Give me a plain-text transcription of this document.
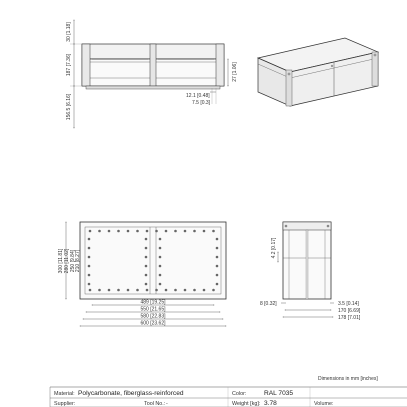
30 [1.18]
187 [7.36]
156.5 [6.16]
27 [1.06]
12.1 [0.48]
7.5 [0.3]
300 [11.81] 280 [11.02] 250 [9.84] 210 [8.27]
489 [19.25]
550 [21.65]
580 [22.83]
600 [23.62]
4.2 [0.17]
8 [0.32]	3.5 [0.14]
170 [6.69]
178 [7.01]
Dimensions in mm [inches]
Material: Polycarbonate, fiberglass-reinforced	Color:	RAL 7035
Supplier:	Tool No.: -	Weight [kg]: 3.78	Volume:
